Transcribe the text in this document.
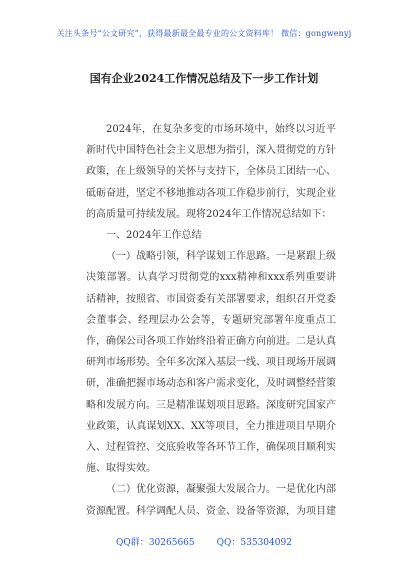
关注头条号“公文研究”，获得最新最全最专业的公文资料库！ 微信：gongwenyj
国有企业2024工作情况总结及下一步工作计划

2024年，在复杂多变的市场环境中，始终以习近平新时代中国特色社会主义思想为指引，深入贯彻党的方针政策，在上级领导的关怀与支持下，全体员工团结一心、砥砺奋进，坚定不移地推动各项工作稳步前行，实现企业的高质量可持续发展。现将2024年工作情况总结如下：

一、2024年工作总结

（一）战略引领，科学谋划工作思路。一是紧跟上级决策部署。认真学习贯彻党的xxx精神和xxx系列重要讲话精神，按照省、市国资委有关部署要求，组织召开党委会董事会、经理层办公会等，专题研究部署年度重点工作，确保公司各项工作始终沿着正确方向前进。二是认真研判市场形势。全年多次深入基层一线、项目现场开展调研，准确把握市场动态和客户需求变化，及时调整经营策略和发展方向。三是精准谋划项目思路。深度研究国家产业政策，认真谋划XX、XX等项目，全力推进项目早期介入、过程管控、交底验收等各环节工作，确保项目顺利实施、取得实效。

（二）优化资源，凝聚强大发展合力。一是优化内部资源配置。科学调配人员、资金、设备等资源，为项目建

QQ群：30265665 QQ：535304092
